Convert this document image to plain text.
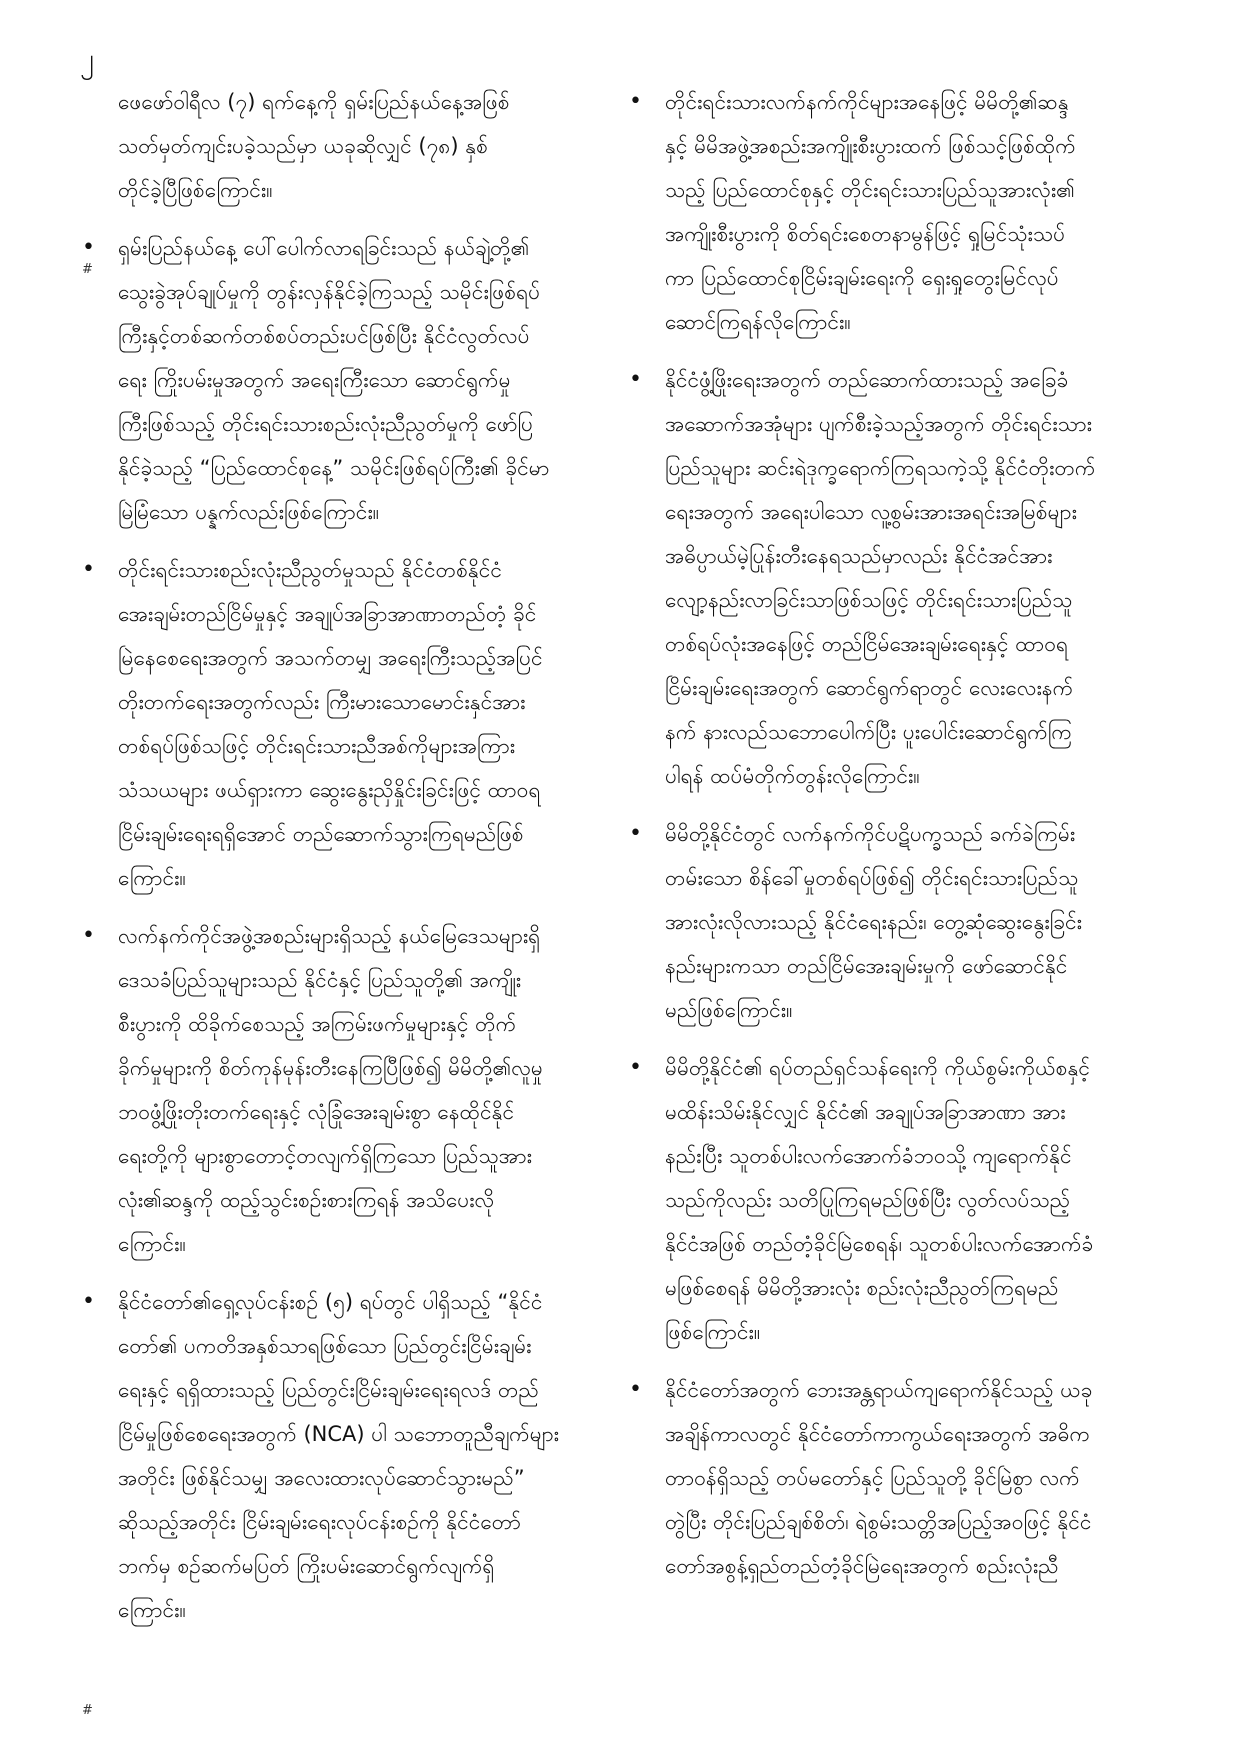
၂
#
#

ဖေဖော်ဝါရီလ (၇) ရက်နေ့ကို ရှမ်းပြည်နယ်နေ့အဖြစ်
သတ်မှတ်ကျင်းပခဲ့သည်မှာ ယခုဆိုလျှင် (၇၈) နှစ်
တိုင်ခဲ့ပြီဖြစ်ကြောင်း။

• ရှမ်းပြည်နယ်နေ့ ပေါ်ပေါက်လာရခြင်းသည် နယ်ချဲ့တို့၏
သွေးခွဲအုပ်ချုပ်မှုကို တွန်းလှန်နိုင်ခဲ့ကြသည့် သမိုင်းဖြစ်ရပ်
ကြီးနှင့်တစ်ဆက်တစ်စပ်တည်းပင်ဖြစ်ပြီး နိုင်ငံလွတ်လပ်
ရေး ကြိုးပမ်းမှုအတွက် အရေးကြီးသော ဆောင်ရွက်မှု
ကြီးဖြစ်သည့် တိုင်းရင်းသားစည်းလုံးညီညွတ်မှုကို ဖော်ပြ
နိုင်ခဲ့သည့် “ပြည်ထောင်စုနေ့” သမိုင်းဖြစ်ရပ်ကြီး၏ ခိုင်မာ
မြဲမြံသော ပန္နက်လည်းဖြစ်ကြောင်း။

• တိုင်းရင်းသားစည်းလုံးညီညွတ်မှုသည် နိုင်ငံတစ်နိုင်ငံ
အေးချမ်းတည်ငြိမ်မှုနှင့် အချုပ်အခြာအာဏာတည်တံ့ ခိုင်
မြဲနေစေရေးအတွက် အသက်တမျှ အရေးကြီးသည့်အပြင်
တိုးတက်ရေးအတွက်လည်း ကြီးမားသောမောင်းနှင်အား
တစ်ရပ်ဖြစ်သဖြင့် တိုင်းရင်းသားညီအစ်ကိုများအကြား
သံသယများ ဖယ်ရှားကာ ဆွေးနွေးညှိနှိုင်းခြင်းဖြင့် ထာဝရ
ငြိမ်းချမ်းရေးရရှိအောင် တည်ဆောက်သွားကြရမည်ဖြစ်
ကြောင်း။

• လက်နက်ကိုင်အဖွဲ့အစည်းများရှိသည့် နယ်မြေဒေသများရှိ
ဒေသခံပြည်သူများသည် နိုင်ငံနှင့် ပြည်သူတို့၏ အကျိုး
စီးပွားကို ထိခိုက်စေသည့် အကြမ်းဖက်မှုများနှင့် တိုက်
ခိုက်မှုများကို စိတ်ကုန်မုန်းတီးနေကြပြီဖြစ်၍ မိမိတို့၏လူမှု
ဘဝဖွံ့ဖြိုးတိုးတက်ရေးနှင့် လုံခြုံအေးချမ်းစွာ နေထိုင်နိုင်
ရေးတို့ကို များစွာတောင့်တလျက်ရှိကြသော ပြည်သူအား
လုံး၏ဆန္ဒကို ထည့်သွင်းစဉ်းစားကြရန် အသိပေးလို
ကြောင်း။

• နိုင်ငံတော်၏ရှေ့လုပ်ငန်းစဉ် (၅) ရပ်တွင် ပါရှိသည့် “နိုင်ငံ
တော်၏ ပကတိအနှစ်သာရဖြစ်သော ပြည်တွင်းငြိမ်းချမ်း
ရေးနှင့် ရရှိထားသည့် ပြည်တွင်းငြိမ်းချမ်းရေးရလဒ် တည်
ငြိမ်မှုဖြစ်စေရေးအတွက် (NCA) ပါ သဘောတူညီချက်များ
အတိုင်း ဖြစ်နိုင်သမျှ အလေးထားလုပ်ဆောင်သွားမည်”
ဆိုသည့်အတိုင်း ငြိမ်းချမ်းရေးလုပ်ငန်းစဉ်ကို နိုင်ငံတော်
ဘက်မှ စဉ်ဆက်မပြတ် ကြိုးပမ်းဆောင်ရွက်လျက်ရှိ
ကြောင်း။

• တိုင်းရင်းသားလက်နက်ကိုင်များအနေဖြင့် မိမိတို့၏ဆန္ဒ
နှင့် မိမိအဖွဲ့အစည်းအကျိုးစီးပွားထက် ဖြစ်သင့်ဖြစ်ထိုက်
သည့် ပြည်ထောင်စုနှင့် တိုင်းရင်းသားပြည်သူအားလုံး၏
အကျိုးစီးပွားကို စိတ်ရင်းစေတနာမွန်ဖြင့် ရှုမြင်သုံးသပ်
ကာ ပြည်ထောင်စုငြိမ်းချမ်းရေးကို ရှေးရှုတွေးမြင်လုပ်
ဆောင်ကြရန်လိုကြောင်း။

• နိုင်ငံဖွံ့ဖြိုးရေးအတွက် တည်ဆောက်ထားသည့် အခြေခံ
အဆောက်အအုံများ ပျက်စီးခဲ့သည့်အတွက် တိုင်းရင်းသား
ပြည်သူများ ဆင်းရဲဒုက္ခရောက်ကြရသကဲ့သို့ နိုင်ငံတိုးတက်
ရေးအတွက် အရေးပါသော လူ့စွမ်းအားအရင်းအမြစ်များ
အဓိပ္ပာယ်မဲ့ပြုန်းတီးနေရသည်မှာလည်း နိုင်ငံအင်အား
လျော့နည်းလာခြင်းသာဖြစ်သဖြင့် တိုင်းရင်းသားပြည်သူ
တစ်ရပ်လုံးအနေဖြင့် တည်ငြိမ်အေးချမ်းရေးနှင့် ထာဝရ
ငြိမ်းချမ်းရေးအတွက် ဆောင်ရွက်ရာတွင် လေးလေးနက်
နက် နားလည်သဘောပေါက်ပြီး ပူးပေါင်းဆောင်ရွက်ကြ
ပါရန် ထပ်မံတိုက်တွန်းလိုကြောင်း။

• မိမိတို့နိုင်ငံတွင် လက်နက်ကိုင်ပဋိပက္ခသည် ခက်ခဲကြမ်း
တမ်းသော စိန်ခေါ်မှုတစ်ရပ်ဖြစ်၍ တိုင်းရင်းသားပြည်သူ
အားလုံးလိုလားသည့် နိုင်ငံရေးနည်း၊ တွေ့ဆုံဆွေးနွေးခြင်း
နည်းများကသာ တည်ငြိမ်အေးချမ်းမှုကို ဖော်ဆောင်နိုင်
မည်ဖြစ်ကြောင်း။

• မိမိတို့နိုင်ငံ၏ ရပ်တည်ရှင်သန်ရေးကို ကိုယ်စွမ်းကိုယ်စနှင့်
မထိန်းသိမ်းနိုင်လျှင် နိုင်ငံ၏ အချုပ်အခြာအာဏာ အား
နည်းပြီး သူတစ်ပါးလက်အောက်ခံဘဝသို့ ကျရောက်နိုင်
သည်ကိုလည်း သတိပြုကြရမည်ဖြစ်ပြီး လွတ်လပ်သည့်
နိုင်ငံအဖြစ် တည်တံ့ခိုင်မြဲစေရန်၊ သူတစ်ပါးလက်အောက်ခံ
မဖြစ်စေရန် မိမိတို့အားလုံး စည်းလုံးညီညွတ်ကြရမည်
ဖြစ်ကြောင်း။

• နိုင်ငံတော်အတွက် ဘေးအန္တရာယ်ကျရောက်နိုင်သည့် ယခု
အချိန်ကာလတွင် နိုင်ငံတော်ကာကွယ်ရေးအတွက် အဓိက
တာဝန်ရှိသည့် တပ်မတော်နှင့် ပြည်သူတို့ ခိုင်မြဲစွာ လက်
တွဲပြီး တိုင်းပြည်ချစ်စိတ်၊ ရဲစွမ်းသတ္တိအပြည့်အဝဖြင့် နိုင်ငံ
တော်အစွန့်ရှည်တည်တံ့ခိုင်မြဲရေးအတွက် စည်းလုံးညီ
